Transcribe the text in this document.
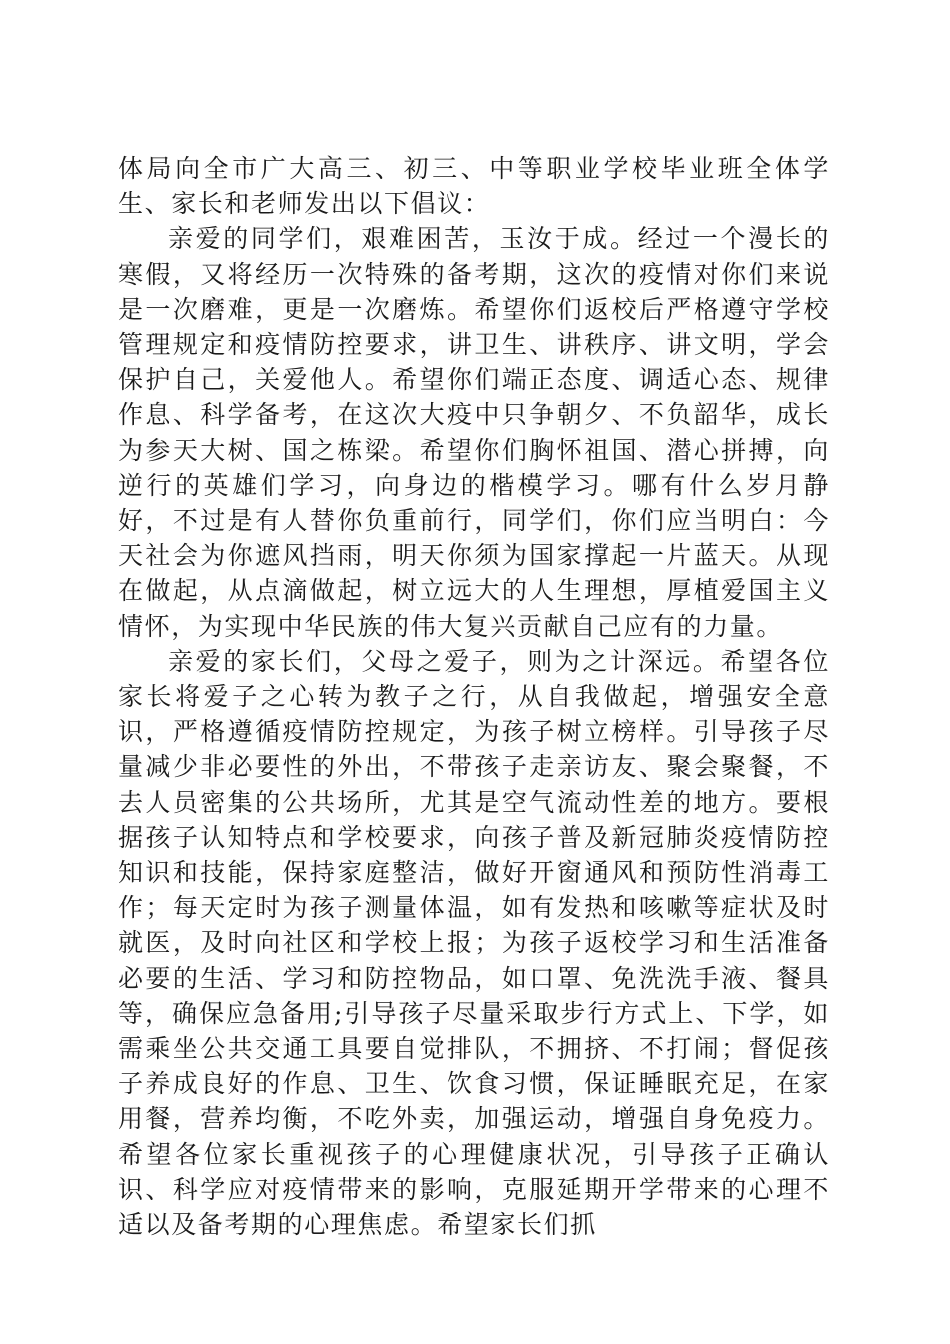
体局向全市广大高三、初三、中等职业学校毕业班全体学生、家长和老师发出以下倡议：

亲爱的同学们，艰难困苦，玉汝于成。经过一个漫长的寒假，又将经历一次特殊的备考期，这次的疫情对你们来说是一次磨难，更是一次磨炼。希望你们返校后严格遵守学校管理规定和疫情防控要求，讲卫生、讲秩序、讲文明，学会保护自己，关爱他人。希望你们端正态度、调适心态、规律作息、科学备考，在这次大疫中只争朝夕、不负韶华，成长为参天大树、国之栋梁。希望你们胸怀祖国、潜心拼搏，向逆行的英雄们学习，向身边的楷模学习。哪有什么岁月静好，不过是有人替你负重前行，同学们，你们应当明白：今天社会为你遮风挡雨，明天你须为国家撑起一片蓝天。从现在做起，从点滴做起，树立远大的人生理想，厚植爱国主义情怀，为实现中华民族的伟大复兴贡献自己应有的力量。

亲爱的家长们，父母之爱子，则为之计深远。希望各位家长将爱子之心转为教子之行，从自我做起，增强安全意识，严格遵循疫情防控规定，为孩子树立榜样。引导孩子尽量减少非必要性的外出，不带孩子走亲访友、聚会聚餐，不去人员密集的公共场所，尤其是空气流动性差的地方。要根据孩子认知特点和学校要求，向孩子普及新冠肺炎疫情防控知识和技能，保持家庭整洁，做好开窗通风和预防性消毒工作；每天定时为孩子测量体温，如有发热和咳嗽等症状及时就医，及时向社区和学校上报；为孩子返校学习和生活准备必要的生活、学习和防控物品，如口罩、免洗洗手液、餐具等，确保应急备用;引导孩子尽量采取步行方式上、下学，如需乘坐公共交通工具要自觉排队，不拥挤、不打闹；督促孩子养成良好的作息、卫生、饮食习惯，保证睡眠充足，在家用餐，营养均衡，不吃外卖，加强运动，增强自身免疫力。希望各位家长重视孩子的心理健康状况，引导孩子正确认识、科学应对疫情带来的影响，克服延期开学带来的心理不适以及备考期的心理焦虑。希望家长们抓
